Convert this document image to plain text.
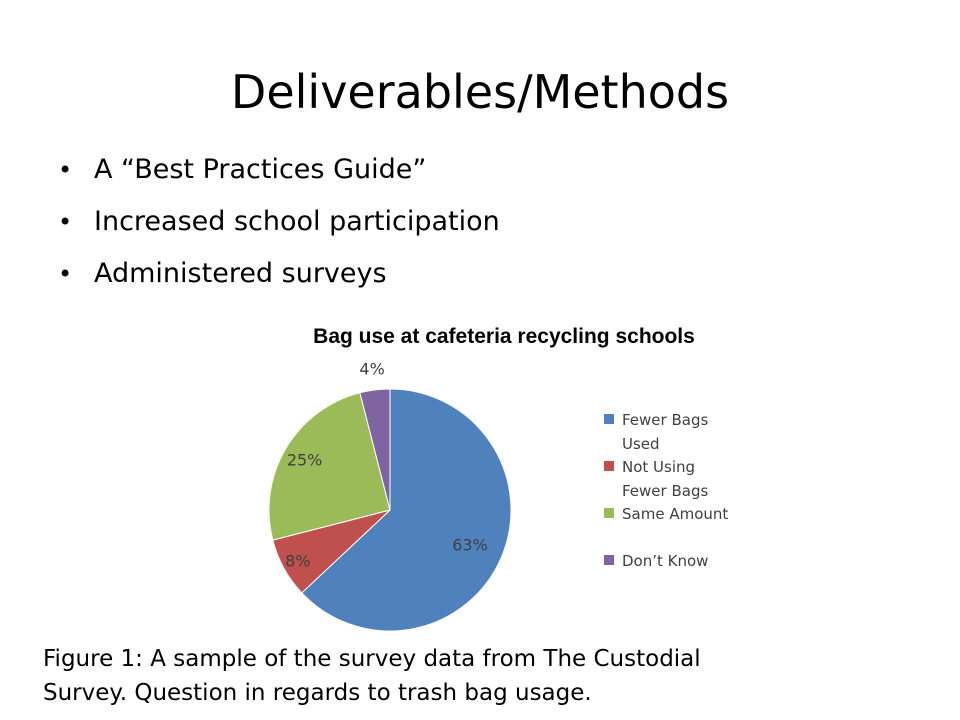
Deliverables/Methods
• A “Best Practices Guide”
• Increased school participation
• Administered surveys
Bag use at cafeteria recycling schools
63%
8%
25%
4%
Fewer Bags Used
Not Using Fewer Bags
Same Amount
Don’t Know

Figure 1: A sample of the survey data from The Custodial
Survey. Question in regards to trash bag usage.
